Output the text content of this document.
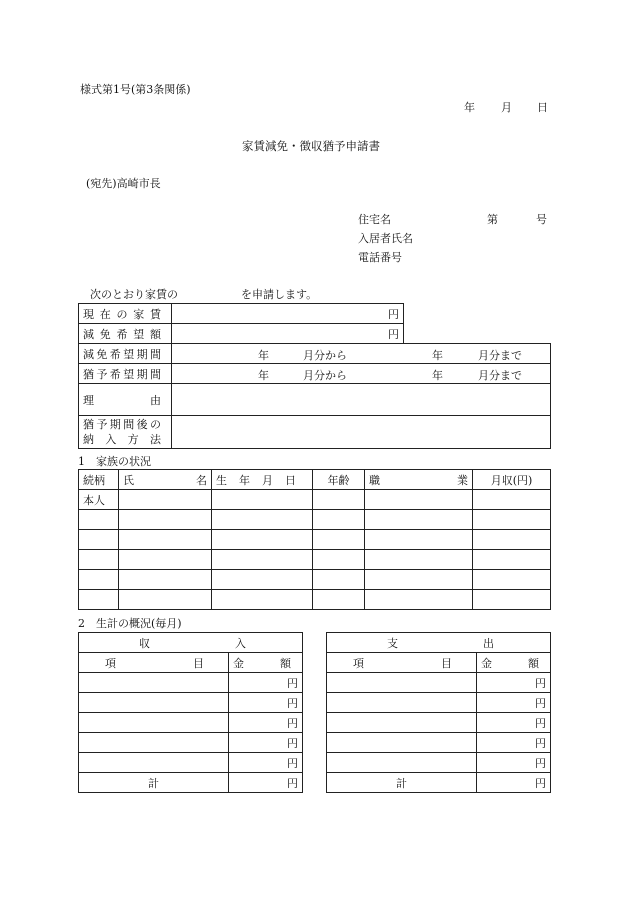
様式第1号(第3条関係)
年 月 日
家賃減免・徴収猶予申請書
(宛先)高崎市長
住宅名	第	号
入居者氏名
電話番号
次のとおり家賃の	を申請します。
現在の家賃	円

減免希望額	円
減免希望期間	年 月分から 年 月分まで

猶予希望期間	年 月分から 年 月分まで

理由	

猶予期間後の
納入方法	

1　家族の状況
続柄	氏 名	生年月日	年齢	職 業	月収(円)
本人					

2　生計の概況(毎月)
収 入	

項 目	金額

	円
	円
	円
	円
	円
計	円
支 出	

項 目	金額

	円
	円
	円
	円
	円
計	円
